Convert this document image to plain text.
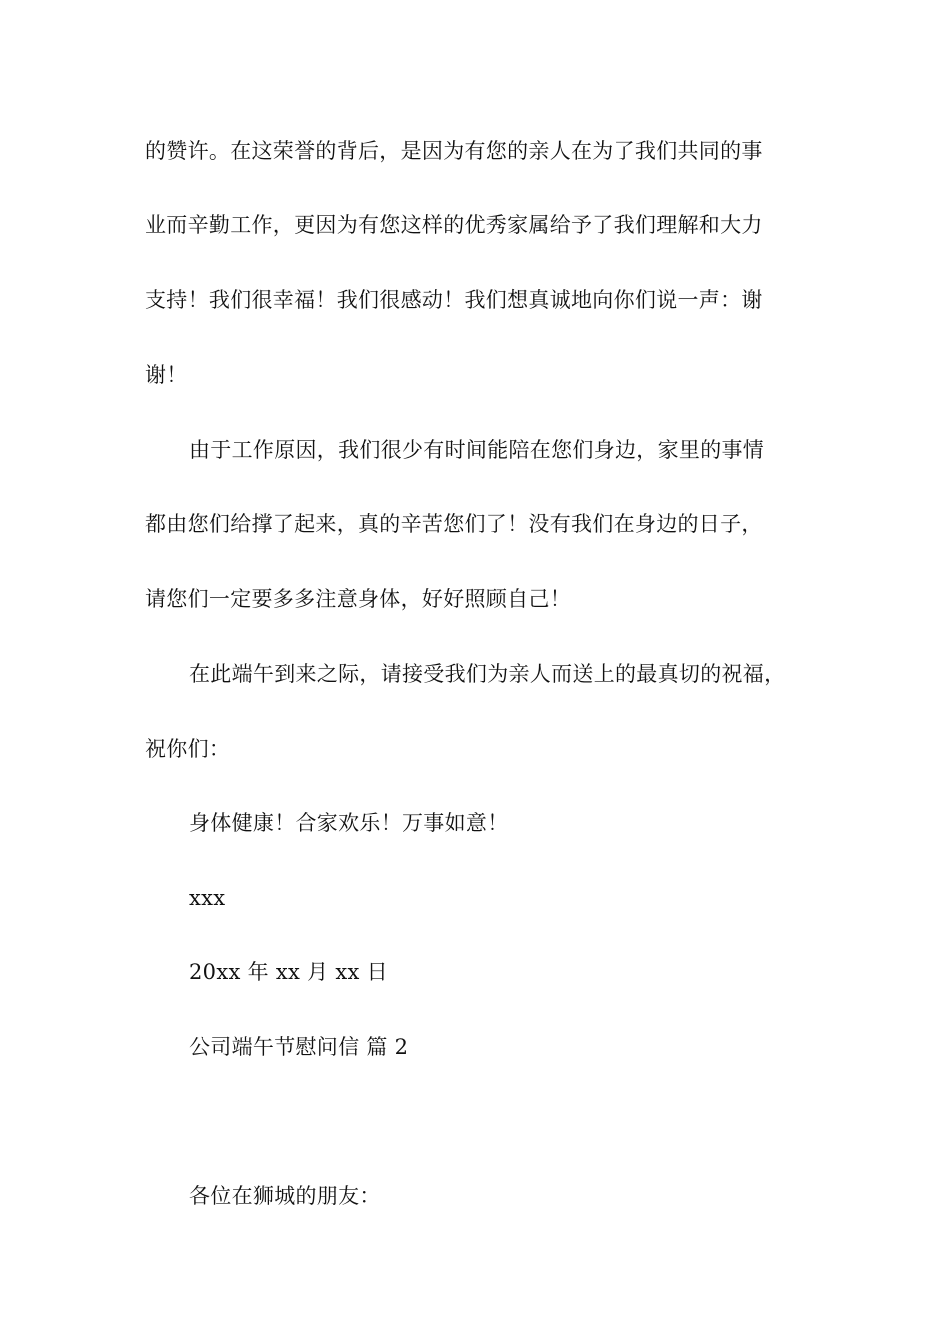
的赞许。在这荣誉的背后，是因为有您的亲人在为了我们共同的事
业而辛勤工作，更因为有您这样的优秀家属给予了我们理解和大力
支持！我们很幸福！我们很感动！我们想真诚地向你们说一声：谢
谢！
由于工作原因，我们很少有时间能陪在您们身边，家里的事情
都由您们给撑了起来，真的辛苦您们了！没有我们在身边的日子，
请您们一定要多多注意身体，好好照顾自己！
在此端午到来之际，请接受我们为亲人而送上的最真切的祝福，
祝你们：
身体健康！合家欢乐！万事如意！
xxx
20xx 年 xx 月 xx 日
公司端午节慰问信 篇 2
各位在狮城的朋友：
